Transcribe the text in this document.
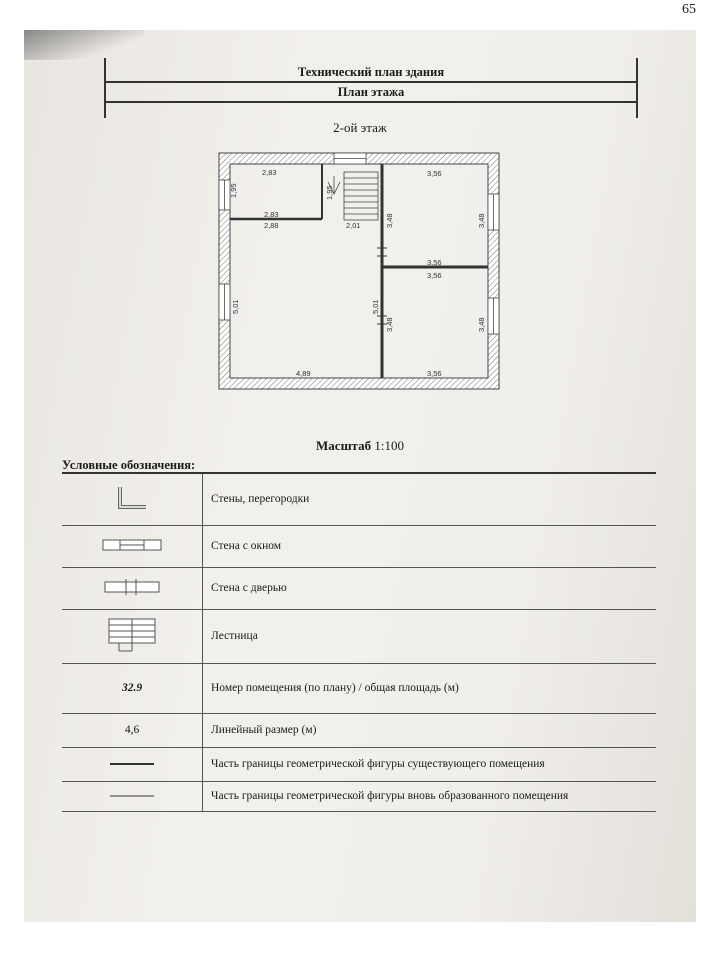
65
Технический план здания
План этажа
2-ой этаж
2,83
1,95	1,95
2,83
2,88	2,01
3,56
3,48	3,48
3,56
3,56
5,01	5,01
3,48	3,48
4,89	3,56
Масштаб 1:100
Условные обозначения:
	Стены, перегородки
	Стена с окном
	Стена с дверью
	Лестница
32.9	Номер помещения (по плану) / общая площадь (м)
4,6	Линейный размер (м)
	Часть границы геометрической фигуры существующего помещения
	Часть границы геометрической фигуры вновь образованного помещения
